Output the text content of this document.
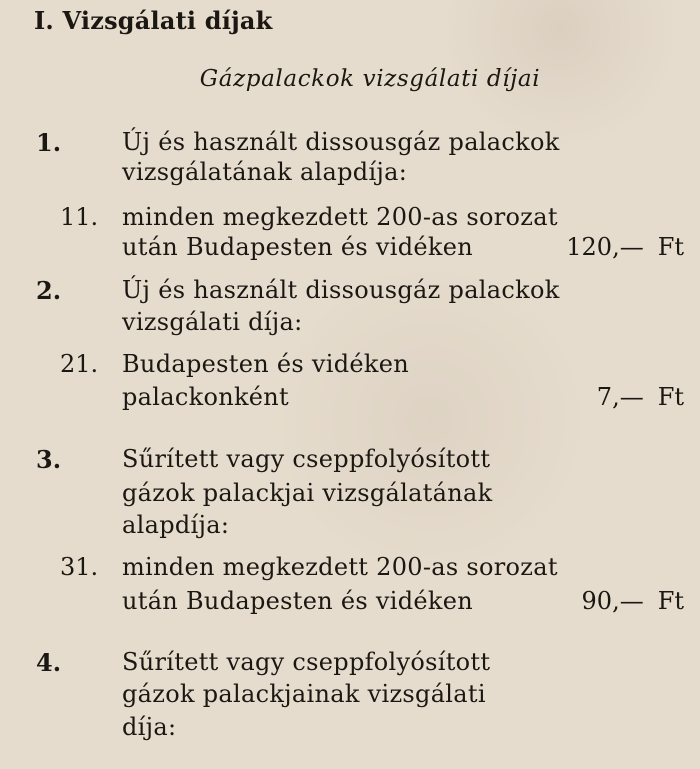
I. Vizsgálati díjak
Gázpalackok vizsgálati díjai
1.	Új és használt dissousgáz palackok
vizsgálatának alapdíja:
11. minden megkezdett 200-as sorozat
után Budapesten és vidéken	120,— Ft
2.	Új és használt dissousgáz palackok
vizsgálati díja:
21. Budapesten és vidéken
palackonként	7,— Ft
3.	Sűrített vagy cseppfolyósított
gázok palackjai vizsgálatának
alapdíja:
31. minden megkezdett 200-as sorozat
után Budapesten és vidéken	90,— Ft
4.	Sűrített vagy cseppfolyósított
gázok palackjainak vizsgálati
díja:
